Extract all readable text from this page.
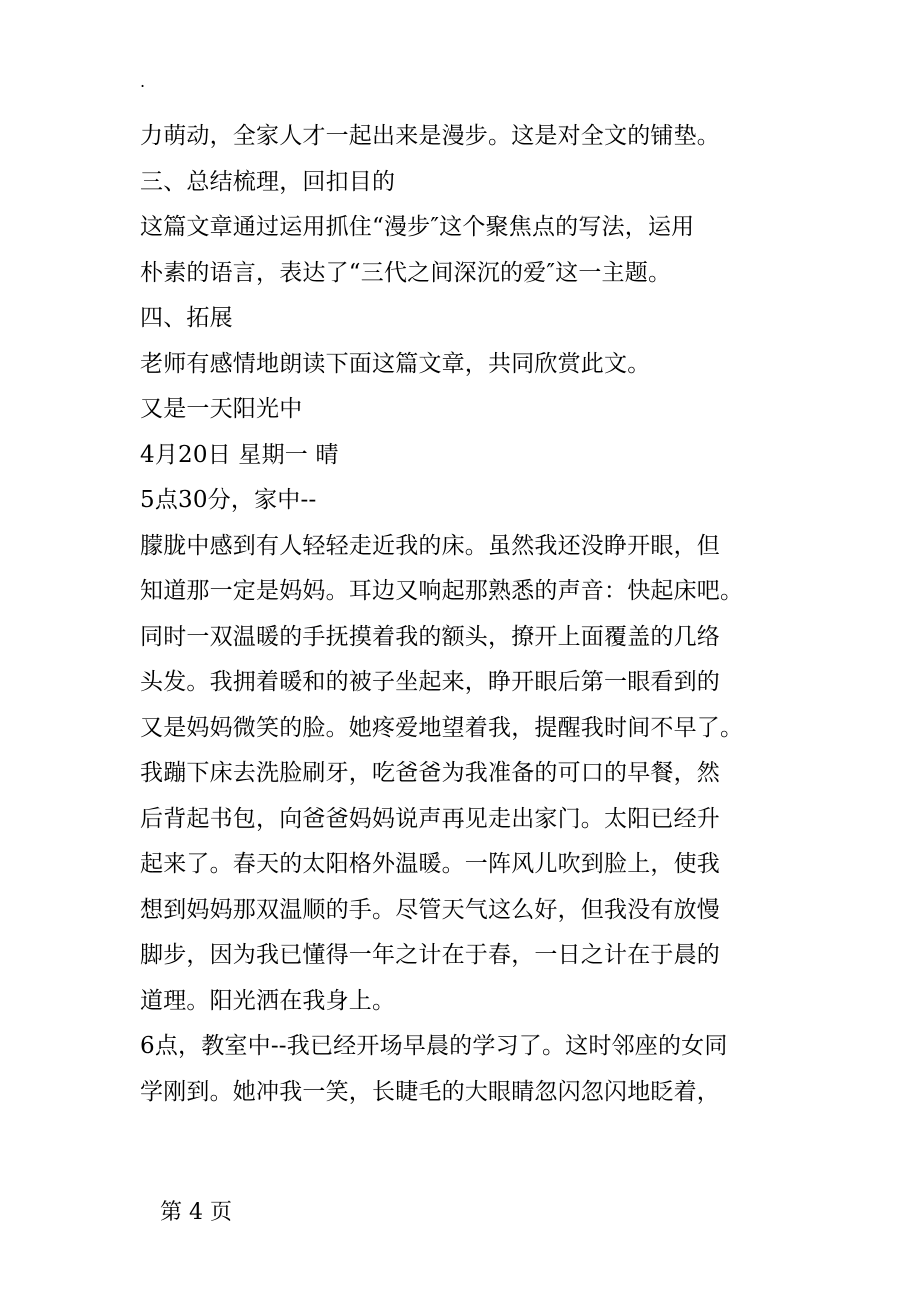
.
力萌动，全家人才一起出来是漫步。这是对全文的铺垫。
三、总结梳理，回扣目的
这篇文章通过运用抓住“漫步″这个聚焦点的写法，运用
朴素的语言，表达了“三代之间深沉的爱″这一主题。
四、拓展
老师有感情地朗读下面这篇文章，共同欣赏此文。
又是一天阳光中
4月20日 星期一 晴
5点30分，家中--
朦胧中感到有人轻轻走近我的床。虽然我还没睁开眼，但
知道那一定是妈妈。耳边又响起那熟悉的声音：快起床吧。
同时一双温暖的手抚摸着我的额头，撩开上面覆盖的几络
头发。我拥着暖和的被子坐起来，睁开眼后第一眼看到的
又是妈妈微笑的脸。她疼爱地望着我，提醒我时间不早了。
我蹦下床去洗脸刷牙，吃爸爸为我准备的可口的早餐，然
后背起书包，向爸爸妈妈说声再见走出家门。太阳已经升
起来了。春天的太阳格外温暖。一阵风儿吹到脸上，使我
想到妈妈那双温顺的手。尽管天气这么好，但我没有放慢
脚步，因为我已懂得一年之计在于春，一日之计在于晨的
道理。阳光洒在我身上。
6点，教室中--我已经开场早晨的学习了。这时邻座的女同
学刚到。她冲我一笑，长睫毛的大眼睛忽闪忽闪地眨着，
第 4 页
